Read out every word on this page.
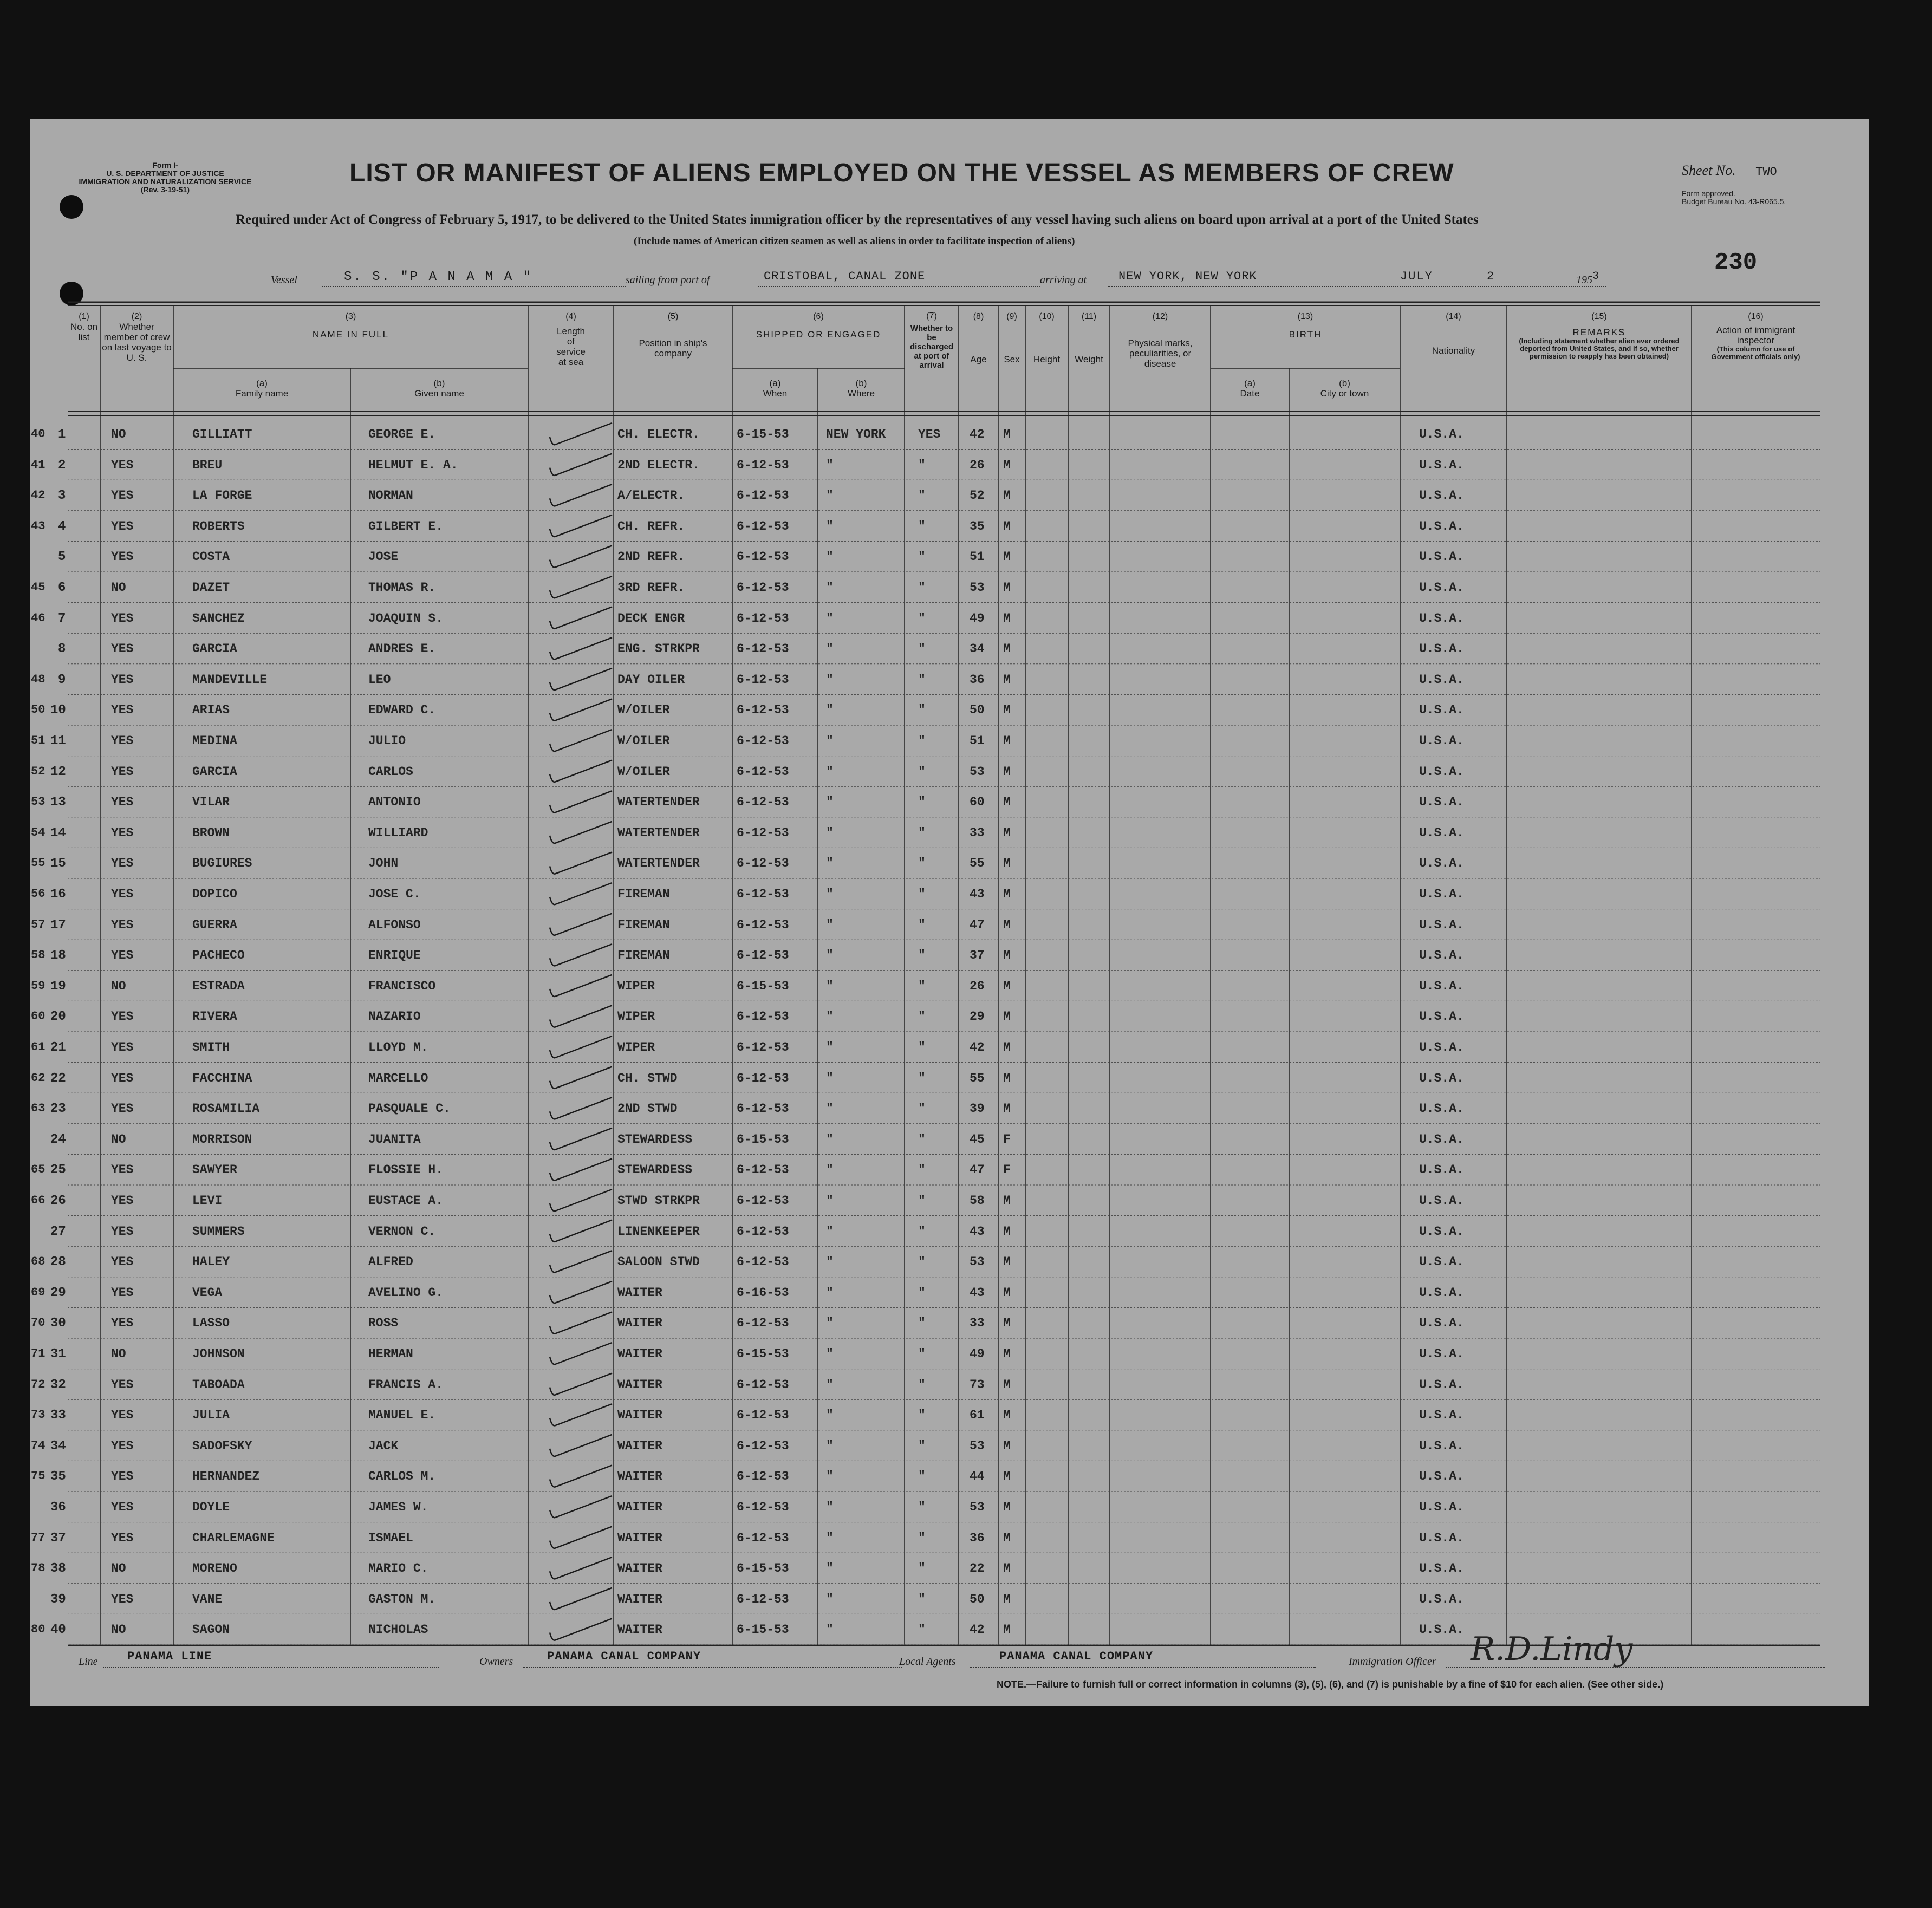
Form I-
U. S. DEPARTMENT OF JUSTICE
IMMIGRATION AND NATURALIZATION SERVICE
(Rev. 3-19-51)
LIST OR MANIFEST OF ALIENS EMPLOYED ON THE VESSEL AS MEMBERS OF CREW
Required under Act of Congress of February 5, 1917, to be delivered to the United States immigration officer by the representatives of any vessel having such aliens on board upon arrival at a port of the United States
(Include names of American citizen seamen as well as aliens in order to facilitate inspection of aliens)
Sheet No. TWO
Form approved.
Budget Bureau No. 43-R065.5.
230
Vessel	S. S. "P A N A M A "	sailing from port of	CRISTOBAL, CANAL ZONE	arriving at	NEW YORK, NEW YORK	JULY	2	1953
(1)
No. on list
(2)
Whether member of crew on last voyage to U. S.
(3)
NAME IN FULL
(a)
Family name
(b)
Given name
(4)
Length of service at sea
(5)
Position in ship's company
(6)
SHIPPED OR ENGAGED
(a)
When
(b)
Where
(7)
Whether to be discharged at port of arrival
(8)
Age
(9)
Sex
(10)
Height
(11)
Weight
(12)
Physical marks, peculiarities, or disease
(13)
BIRTH
(a)
Date
(b)
City or town
(14)
Nationality
(15)
REMARKS
(Including statement whether alien ever ordered deported from United States, and if so, whether permission to reapply has been obtained)
(16)
Action of immigrant inspector
(This column for use of Government officials only)
40 1	NO	GILLIATT	GEORGE E.	CH. ELECTR.	6-15-53	NEW YORK	YES 42 M	U.S.A.
41 2	YES	BREU	HELMUT E. A.	2ND ELECTR.	6-12-53	"	"	26 M	U.S.A.
42 3	YES	LA FORGE	NORMAN	A/ELECTR.	6-12-53	"	"	52 M	U.S.A.
43 4	YES	ROBERTS	GILBERT E.	CH. REFR.	6-12-53	"	"	35 M	U.S.A.
5	YES	COSTA	JOSE	2ND REFR.	6-12-53	"	"	51 M	U.S.A.
45 6	NO	DAZET	THOMAS R.	3RD REFR.	6-12-53	"	"	53 M	U.S.A.
46 7	YES	SANCHEZ	JOAQUIN S.	DECK ENGR	6-12-53	"	"	49 M	U.S.A.
8	YES	GARCIA	ANDRES E.	ENG. STRKPR	6-12-53	"	"	34 M	U.S.A.
48 9	YES	MANDEVILLE	LEO	DAY OILER	6-12-53	"	"	36 M	U.S.A.
50 10	YES	ARIAS	EDWARD C.	W/OILER	6-12-53	"	"	50 M	U.S.A.
51 11	YES	MEDINA	JULIO	W/OILER	6-12-53	"	"	51 M	U.S.A.
52 12	YES	GARCIA	CARLOS	W/OILER	6-12-53	"	"	53 M	U.S.A.
53 13	YES	VILAR	ANTONIO	WATERTENDER	6-12-53	"	"	60 M	U.S.A.
54 14	YES	BROWN	WILLIARD	WATERTENDER	6-12-53	"	"	33 M	U.S.A.
55 15	YES	BUGIURES	JOHN	WATERTENDER	6-12-53	"	"	55 M	U.S.A.
56 16	YES	DOPICO	JOSE C.	FIREMAN	6-12-53	"	"	43 M	U.S.A.
57 17	YES	GUERRA	ALFONSO	FIREMAN	6-12-53	"	"	47 M	U.S.A.
58 18	YES	PACHECO	ENRIQUE	FIREMAN	6-12-53	"	"	37 M	U.S.A.
59 19	NO	ESTRADA	FRANCISCO	WIPER	6-15-53	"	"	26 M	U.S.A.
60 20	YES	RIVERA	NAZARIO	WIPER	6-12-53	"	"	29 M	U.S.A.
61 21	YES	SMITH	LLOYD M.	WIPER	6-12-53	"	"	42 M	U.S.A.
62 22	YES	FACCHINA	MARCELLO	CH. STWD	6-12-53	"	"	55 M	U.S.A.
63 23	YES	ROSAMILIA	PASQUALE C.	2ND STWD	6-12-53	"	"	39 M	U.S.A.
24	NO	MORRISON	JUANITA	STEWARDESS	6-15-53	"	"	45 F	U.S.A.
65 25	YES	SAWYER	FLOSSIE H.	STEWARDESS	6-12-53	"	"	47 F	U.S.A.
66 26	YES	LEVI	EUSTACE A.	STWD STRKPR	6-12-53	"	"	58 M	U.S.A.
27	YES	SUMMERS	VERNON C.	LINENKEEPER	6-12-53	"	"	43 M	U.S.A.
68 28	YES	HALEY	ALFRED	SALOON STWD	6-12-53	"	"	53 M	U.S.A.
69 29	YES	VEGA	AVELINO G.	WAITER	6-16-53	"	"	43 M	U.S.A.
70 30	YES	LASSO	ROSS	WAITER	6-12-53	"	"	33 M	U.S.A.
71 31	NO	JOHNSON	HERMAN	WAITER	6-15-53	"	"	49 M	U.S.A.
72 32	YES	TABOADA	FRANCIS A.	WAITER	6-12-53	"	"	73 M	U.S.A.
73 33	YES	JULIA	MANUEL E.	WAITER	6-12-53	"	"	61 M	U.S.A.
74 34	YES	SADOFSKY	JACK	WAITER	6-12-53	"	"	53 M	U.S.A.
75 35	YES	HERNANDEZ	CARLOS M.	WAITER	6-12-53	"	"	44 M	U.S.A.
36	YES	DOYLE	JAMES W.	WAITER	6-12-53	"	"	53 M	U.S.A.
77 37	YES	CHARLEMAGNE	ISMAEL	WAITER	6-12-53	"	"	36 M	U.S.A.
78 38	NO	MORENO	MARIO C.	WAITER	6-15-53	"	"	22 M	U.S.A.
39	YES	VANE	GASTON M.	WAITER	6-12-53	"	"	50 M	U.S.A.
80 40	NO	SAGON	NICHOLAS	WAITER	6-15-53	"	"	42 M	U.S.A.
Line PANAMA LINE	Owners	PANAMA CANAL COMPANY	Local Agents	PANAMA CANAL COMPANY	Immigration Officer R.D.Lindy
NOTE.—Failure to furnish full or correct information in columns (3), (5), (6), and (7) is punishable by a fine of $10 for each alien. (See other side.)
